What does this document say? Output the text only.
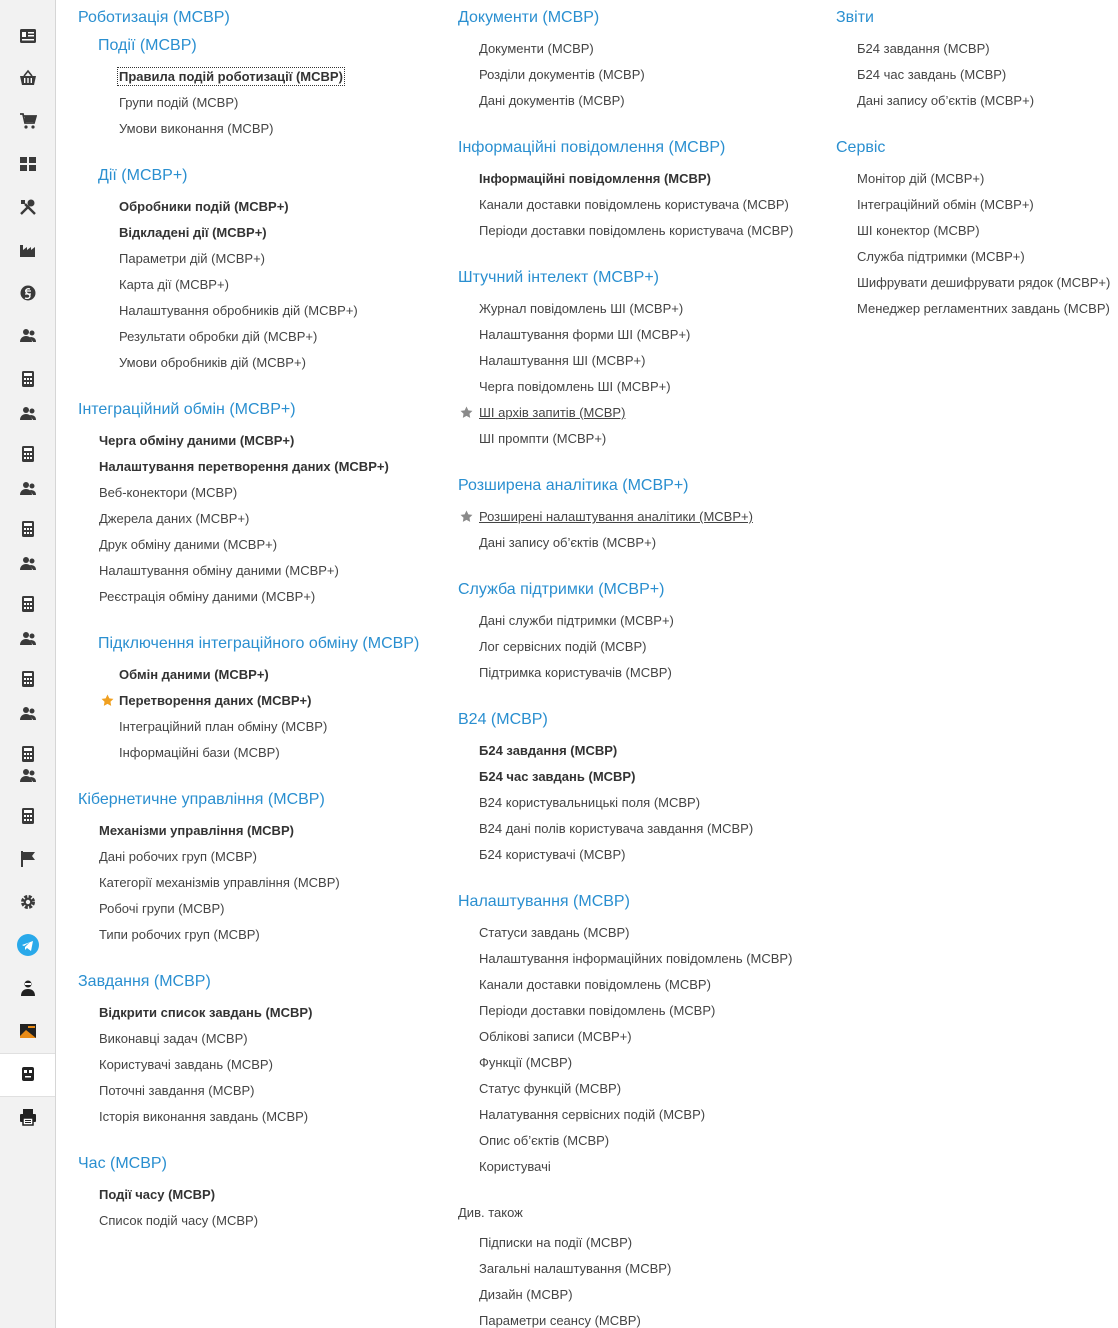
Роботизація (МСВР)
Події (МСВР)
Правила подій роботизації (МСВР)
Групи подій (МСВР)
Умови виконання (МСВР)
Дії (МСВР+)
Обробники подій (МСВР+)
Відкладені дії (МСВР+)
Параметри дій (МСВР+)
Карта дії (МСВР+)
Налаштування обробників дій (МСВР+)
Результати обробки дій (МСВР+)
Умови обробників дій (МСВР+)
Інтеграційний обмін (МСВР+)
Черга обміну даними (МСВР+)
Налаштування перетворення даних (МСВР+)
Веб-конектори (МСВР)
Джерела даних (МСВР+)
Друк обміну даними (МСВР+)
Налаштування обміну даними (МСВР+)
Реєстрація обміну даними (МСВР+)
Підключення інтеграційного обміну (МСВР)
Обмін даними (МСВР+)
Перетворення даних (МСВР+)
Інтеграційний план обміну (МСВР)
Інформаційні бази (МСВР)
Кібернетичне управління (МСВР)
Механізми управління (МСВР)
Дані робочих груп (МСВР)
Категорії механізмів управління (МСВР)
Робочі групи (МСВР)
Типи робочих груп (МСВР)
Завдання (МСВР)
Відкрити список завдань (МСВР)
Виконавці задач (МСВР)
Користувачі завдань (МСВР)
Поточні завдання (МСВР)
Історія виконання завдань (МСВР)
Час (МСВР)
Події часу (МСВР)
Список подій часу (МСВР)
Документи (МСВР)
Документи (МСВР)
Розділи документів (МСВР)
Дані документів (МСВР)
Інформаційні повідомлення (МСВР)
Інформаційні повідомлення (МСВР)
Канали доставки повідомлень користувача (МСВР)
Періоди доставки повідомлень користувача (МСВР)
Штучний інтелект (МСВР+)
Журнал повідомлень ШІ (МСВР+)
Налаштування форми ШІ (МСВР+)
Налаштування ШІ (МСВР+)
Черга повідомлень ШІ (МСВР+)
ШІ архів запитів (МСВР)
ШІ промпти (МСВР+)
Розширена аналітика (МСВР+)
Розширені налаштування аналітики (МСВР+)
Дані запису об’єктів (МСВР+)
Служба підтримки (МСВР+)
Дані служби підтримки (МСВР+)
Лог сервісних подій (МСВР)
Підтримка користувачів (МСВР)
B24 (МСВР)
Б24 завдання (МСВР)
Б24 час завдань (МСВР)
B24 користувальницькі поля (МСВР)
B24 дані полів користувача завдання (МСВР)
Б24 користувачі (МСВР)
Налаштування (МСВР)
Статуси завдань (МСВР)
Налаштування інформаційних повідомлень (МСВР)
Канали доставки повідомлень (МСВР)
Періоди доставки повідомлень (МСВР)
Облікові записи (МСВР+)
Функції (МСВР)
Статус функцій (МСВР)
Налатування сервісних подій (МСВР)
Опис об’єктів (МСВР)
Користувачі
Див. також
Підписки на події (МСВР)
Загальні налаштування (МСВР)
Дизайн (МСВР)
Параметри сеансу (МСВР)
Звіти
Б24 завдання (МСВР)
Б24 час завдань (МСВР)
Дані запису об’єктів (МСВР+)
Сервіс
Монітор дій (МСВР+)
Інтеграційний обмін (МСВР+)
ШІ конектор (МСВР)
Служба підтримки (МСВР+)
Шифрувати дешифрувати рядок (МСВР+)
Менеджер регламентних завдань (МСВР)
